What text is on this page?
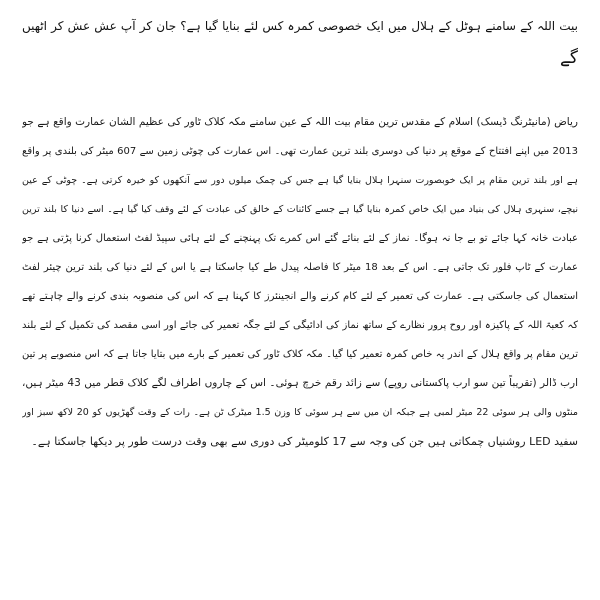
بیت اللہ کے سامنے ہوٹل کے ہلال میں ایک خصوصی کمرہ کس لئے بنایا گیا ہے؟ جان کر آپ عش عش کر اٹھیں
گے
ریاض (مانیٹرنگ ڈیسک) اسلام کے مقدس ترین مقام بیت اللہ کے عین سامنے مکہ کلاک ٹاور کی عظیم الشان عمارت واقع ہے جو
2013 میں اپنے افتتاح کے موقع پر دنیا کی دوسری بلند ترین عمارت تھی۔ اس عمارت کی چوٹی زمین سے 607 میٹر کی بلندی پر واقع
ہے اور بلند ترین مقام پر ایک خوبصورت سنہرا ہلال بنایا گیا ہے جس کی چمک میلوں دور سے آنکھوں کو خیرہ کرتی ہے۔ چوٹی کے عین
نیچے، سنہری ہلال کی بنیاد میں ایک خاص کمرہ بنایا گیا ہے جسے کائنات کے خالق کی عبادت کے لئے وقف کیا گیا ہے۔ اسے دنیا کا بلند ترین
عبادت خانہ کہا جائے تو بے جا نہ ہوگا۔ نماز کے لئے بنائے گئے اس کمرے تک پہنچنے کے لئے ہائی سپیڈ لفٹ استعمال کرنا پڑتی ہے جو
عمارت کے ٹاپ فلور تک جاتی ہے۔ اس کے بعد 18 میٹر کا فاصلہ پیدل طے کیا جاسکتا ہے یا اس کے لئے دنیا کی بلند ترین چیئر لفٹ
استعمال کی جاسکتی ہے۔ عمارت کی تعمیر کے لئے کام کرنے والے انجینئرز کا کہنا ہے کہ اس کی منصوبہ بندی کرنے والے چاہتے تھے
کہ کعبۃ اللہ کے پاکیزہ اور روح پرور نظارے کے ساتھ نماز کی ادائیگی کے لئے جگہ تعمیر کی جائے اور اسی مقصد کی تکمیل کے لئے بلند
ترین مقام پر واقع ہلال کے اندر یہ خاص کمرہ تعمیر کیا گیا۔ مکہ کلاک ٹاور کی تعمیر کے بارے میں بتایا جاتا ہے کہ اس منصوبے پر تین
ارب ڈالر (تقریباً تین سو ارب پاکستانی روپے) سے زائد رقم خرچ ہوئی۔ اس کے چاروں اطراف لگے کلاک قطر میں 43 میٹر ہیں،
منٹوں والی ہر سوئی 22 میٹر لمبی ہے جبکہ ان میں سے ہر سوئی کا وزن 1.5 میٹرک ٹن ہے۔ رات کے وقت گھڑیوں کو 20 لاکھ سبز اور
سفید LED روشنیاں چمکاتی ہیں جن کی وجہ سے 17 کلومیٹر کی دوری سے بھی وقت درست طور پر دیکھا جاسکتا ہے۔
